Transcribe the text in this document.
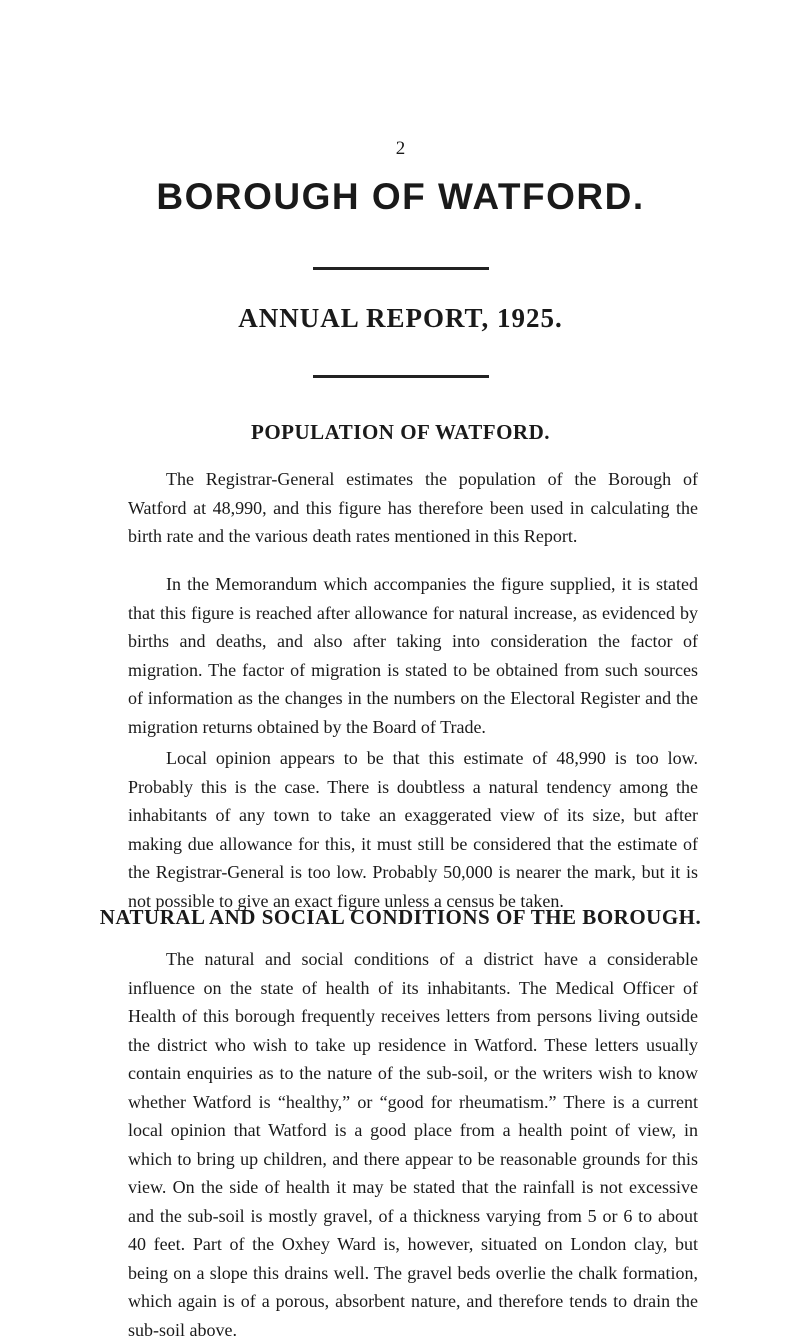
2
BOROUGH OF WATFORD.
ANNUAL REPORT, 1925.
POPULATION OF WATFORD.

The Registrar-General estimates the population of the Borough of Watford at 48,990, and this figure has therefore been used in calculating the birth rate and the various death rates mentioned in this Report.

In the Memorandum which accompanies the figure supplied, it is stated that this figure is reached after allowance for natural increase, as evidenced by births and deaths, and also after taking into consideration the factor of migration. The factor of migration is stated to be obtained from such sources of information as the changes in the numbers on the Electoral Register and the migration returns obtained by the Board of Trade.

Local opinion appears to be that this estimate of 48,990 is too low. Probably this is the case. There is doubtless a natural tendency among the inhabitants of any town to take an exaggerated view of its size, but after making due allowance for this, it must still be considered that the estimate of the Registrar-General is too low. Probably 50,000 is nearer the mark, but it is not possible to give an exact figure unless a census be taken.

NATURAL AND SOCIAL CONDITIONS OF THE BOROUGH.

The natural and social conditions of a district have a considerable influence on the state of health of its inhabitants. The Medical Officer of Health of this borough frequently receives letters from persons living outside the district who wish to take up residence in Watford. These letters usually contain enquiries as to the nature of the sub-soil, or the writers wish to know whether Watford is “healthy,” or “good for rheumatism.” There is a current local opinion that Watford is a good place from a health point of view, in which to bring up children, and there appear to be reasonable grounds for this view. On the side of health it may be stated that the rainfall is not excessive and the sub-soil is mostly gravel, of a thickness varying from 5 or 6 to about 40 feet. Part of the Oxhey Ward is, however, situated on London clay, but being on a slope this drains well. The gravel beds overlie the chalk formation, which again is of a porous, absorbent nature, and therefore tends to drain the sub-soil above.
